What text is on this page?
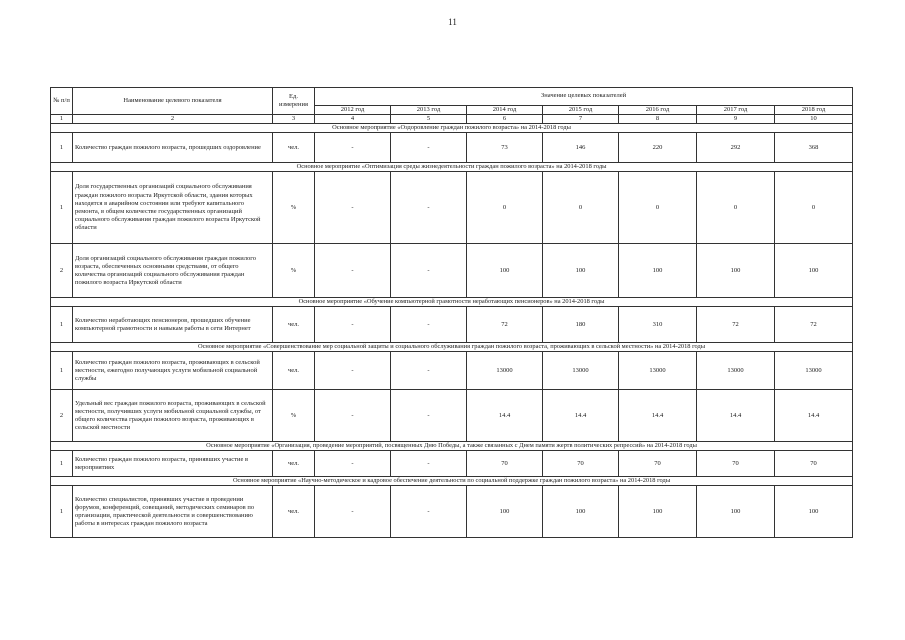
11
№ п/п	Наименование целевого показателя	Ед. измерения	Значение целевых показателей						
			2012 год	2013 год	2014 год	2015 год	2016 год	2017 год	2018 год
1	2	3	4	5	6	7	8	9	10
Основное мероприятие «Оздоровление граждан пожилого возраста» на 2014-2018 годы									
1	Количество граждан пожилого возраста, прошедших оздоровление	чел.	-	-	73	146	220	292	368
Основное мероприятие «Оптимизация среды жизнедеятельности граждан пожилого возраста» на 2014-2018 годы									
1	Доля государственных организаций социального обслуживания граждан пожилого возраста Иркутской области, здания которых находятся в аварийном состоянии или требуют капитального ремонта, в общем количестве государственных организаций социального обслуживания граждан пожилого возраста Иркутской области	%	-	-	0	0	0	0	0
2	Доля организаций социального обслуживания граждан пожилого возраста, обеспеченных основными средствами, от общего количества организаций социального обслуживания граждан пожилого возраста Иркутской области	%	-	-	100	100	100	100	100
Основное мероприятие «Обучение компьютерной грамотности неработающих пенсионеров» на 2014-2018 годы									
1	Количество неработающих пенсионеров, прошедших обучение компьютерной грамотности и навыкам работы в сети Интернет	чел.	-	-	72	180	310	72	72
Основное мероприятие «Совершенствование мер социальной защиты и социального обслуживания граждан пожилого возраста, проживающих в сельской местности» на 2014-2018 годы									
1	Количество граждан пожилого возраста, проживающих в сельской местности, ежегодно получающих услуги мобильной социальной службы	чел.	-	-	13000	13000	13000	13000	13000
2	Удельный вес граждан пожилого возраста, проживающих в сельской местности, получивших услуги мобильной социальной службы, от общего количества граждан пожилого возраста, проживающих в сельской местности	%	-	-	14.4	14.4	14.4	14.4	14.4
Основное мероприятие «Организация, проведение мероприятий, посвященных Дню Победы, а также связанных с Днем памяти жертв политических репрессий» на 2014-2018 годы									
1	Количество граждан пожилого возраста, принявших участие в мероприятиях	чел.	-	-	70	70	70	70	70
Основное мероприятие «Научно-методическое и кадровое обеспечение деятельности по социальной поддержке граждан пожилого возраста» на 2014-2018 годы									
1	Количество специалистов, принявших участие в проведении форумов, конференций, совещаний, методических семинаров по организации, практической деятельности и совершенствованию работы в интересах граждан пожилого возраста	чел.	-	-	100	100	100	100	100
